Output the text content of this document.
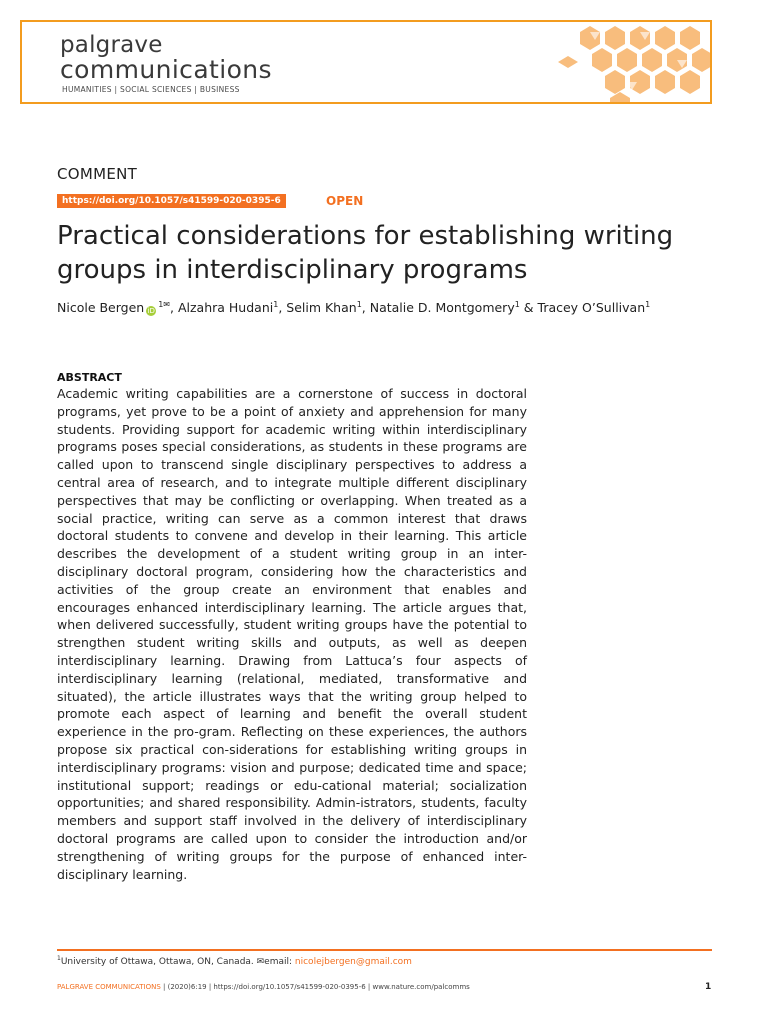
palgrave
communications
HUMANITIES | SOCIAL SCIENCES | BUSINESS
COMMENT
https://doi.org/10.1057/s41599-020-0395-6	OPEN
Practical considerations for establishing writing groups in interdisciplinary programs
Nicole Bergen $iD^{1✉}$, Alzahra Hudani$^1$, Selim Khan$^1$, Natalie D. Montgomery$^1$ & Tracey O’Sullivan$^1$
ABSTRACT

Academic writing capabilities are a cornerstone of success in doctoral programs, yet prove to be a point of anxiety and apprehension for many students. Providing support for academic writing within interdisciplinary programs poses special considerations, as students in these programs are called upon to transcend single disciplinary perspectives to address a central area of research, and to integrate multiple different disciplinary perspectives that may be conflicting or overlapping. When treated as a social practice, writing can serve as a common interest that draws doctoral students to convene and develop in their learning. This article describes the development of a student writing group in an inter-disciplinary doctoral program, considering how the characteristics and activities of the group create an environment that enables and encourages enhanced interdisciplinary learning. The article argues that, when delivered successfully, student writing groups have the potential to strengthen student writing skills and outputs, as well as deepen interdisciplinary learning. Drawing from Lattuca’s four aspects of interdisciplinary learning (relational, mediated, transformative and situated), the article illustrates ways that the writing group helped to promote each aspect of learning and benefit the overall student experience in the pro-gram. Reflecting on these experiences, the authors propose six practical con-siderations for establishing writing groups in interdisciplinary programs: vision and purpose; dedicated time and space; institutional support; readings or edu-cational material; socialization opportunities; and shared responsibility. Admin-istrators, students, faculty members and support staff involved in the delivery of interdisciplinary doctoral programs are called upon to consider the introduction and/or strengthening of writing groups for the purpose of enhanced inter-disciplinary learning.

$^1$University of Ottawa, Ottawa, ON, Canada. ✉email: nicolejbergen@gmail.com
PALGRAVE COMMUNICATIONS | (2020)6:19 | https://doi.org/10.1057/s41599-020-0395-6 | www.nature.com/palcomms	1
